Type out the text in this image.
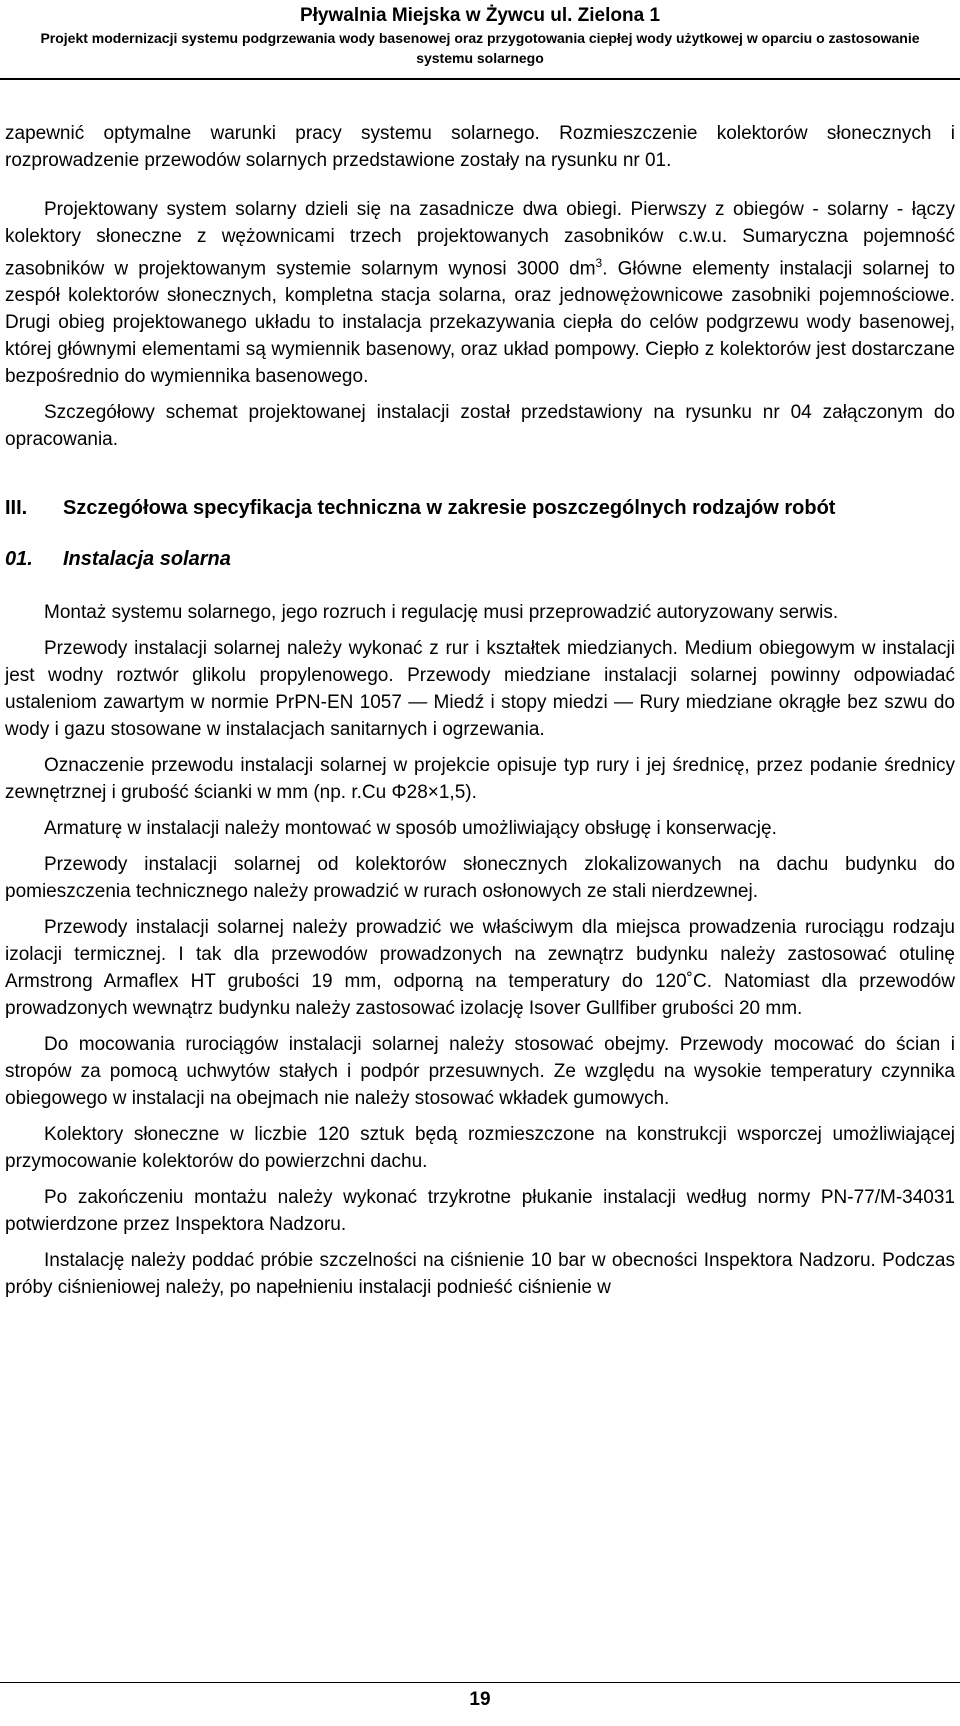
Pływalnia Miejska w Żywcu ul. Zielona 1
Projekt modernizacji systemu podgrzewania wody basenowej oraz przygotowania ciepłej wody użytkowej w oparciu o zastosowanie systemu solarnego

zapewnić optymalne warunki pracy systemu solarnego. Rozmieszczenie kolektorów słonecznych i rozprowadzenie przewodów solarnych przedstawione zostały na rysunku nr 01.

Projektowany system solarny dzieli się na zasadnicze dwa obiegi. Pierwszy z obiegów - solarny - łączy kolektory słoneczne z wężownicami trzech projektowanych zasobników c.w.u. Sumaryczna pojemność zasobników w projektowanym systemie solarnym wynosi 3000 $dm^3$. Główne elementy instalacji solarnej to zespół kolektorów słonecznych, kompletna stacja solarna, oraz jednowężownicowe zasobniki pojemnościowe. Drugi obieg projektowanego układu to instalacja przekazywania ciepła do celów podgrzewu wody basenowej, której głównymi elementami są wymiennik basenowy, oraz układ pompowy. Ciepło z kolektorów jest dostarczane bezpośrednio do wymiennika basenowego.

Szczegółowy schemat projektowanej instalacji został przedstawiony na rysunku nr 04 załączonym do opracowania.

III.	Szczegółowa specyfikacja techniczna w zakresie poszczególnych rodzajów robót
01.	Instalacja solarna

Montaż systemu solarnego, jego rozruch i regulację musi przeprowadzić autoryzowany serwis.

Przewody instalacji solarnej należy wykonać z rur i kształtek miedzianych. Medium obiegowym w instalacji jest wodny roztwór glikolu propylenowego. Przewody miedziane instalacji solarnej powinny odpowiadać ustaleniom zawartym w normie PrPN-EN 1057 — Miedź i stopy miedzi — Rury miedziane okrągłe bez szwu do wody i gazu stosowane w instalacjach sanitarnych i ogrzewania.

Oznaczenie przewodu instalacji solarnej w projekcie opisuje typ rury i jej średnicę, przez podanie średnicy zewnętrznej i grubość ścianki w mm (np. r.Cu Φ28×1,5).

Armaturę w instalacji należy montować w sposób umożliwiający obsługę i konserwację.

Przewody instalacji solarnej od kolektorów słonecznych zlokalizowanych na dachu budynku do pomieszczenia technicznego należy prowadzić w rurach osłonowych ze stali nierdzewnej.

Przewody instalacji solarnej należy prowadzić we właściwym dla miejsca prowadzenia rurociągu rodzaju izolacji termicznej. I tak dla przewodów prowadzonych na zewnątrz budynku należy zastosować otulinę Armstrong Armaflex HT grubości 19 mm, odporną na temperatury do 120˚C. Natomiast dla przewodów prowadzonych wewnątrz budynku należy zastosować izolację Isover Gullfiber grubości 20 mm.

Do mocowania rurociągów instalacji solarnej należy stosować obejmy. Przewody mocować do ścian i stropów za pomocą uchwytów stałych i podpór przesuwnych. Ze względu na wysokie temperatury czynnika obiegowego w instalacji na obejmach nie należy stosować wkładek gumowych.

Kolektory słoneczne w liczbie 120 sztuk będą rozmieszczone na konstrukcji wsporczej umożliwiającej przymocowanie kolektorów do powierzchni dachu.

Po zakończeniu montażu należy wykonać trzykrotne płukanie instalacji według normy PN-77/M-34031 potwierdzone przez Inspektora Nadzoru.

Instalację należy poddać próbie szczelności na ciśnienie 10 bar w obecności Inspektora Nadzoru. Podczas próby ciśnieniowej należy, po napełnieniu instalacji podnieść ciśnienie w

19
